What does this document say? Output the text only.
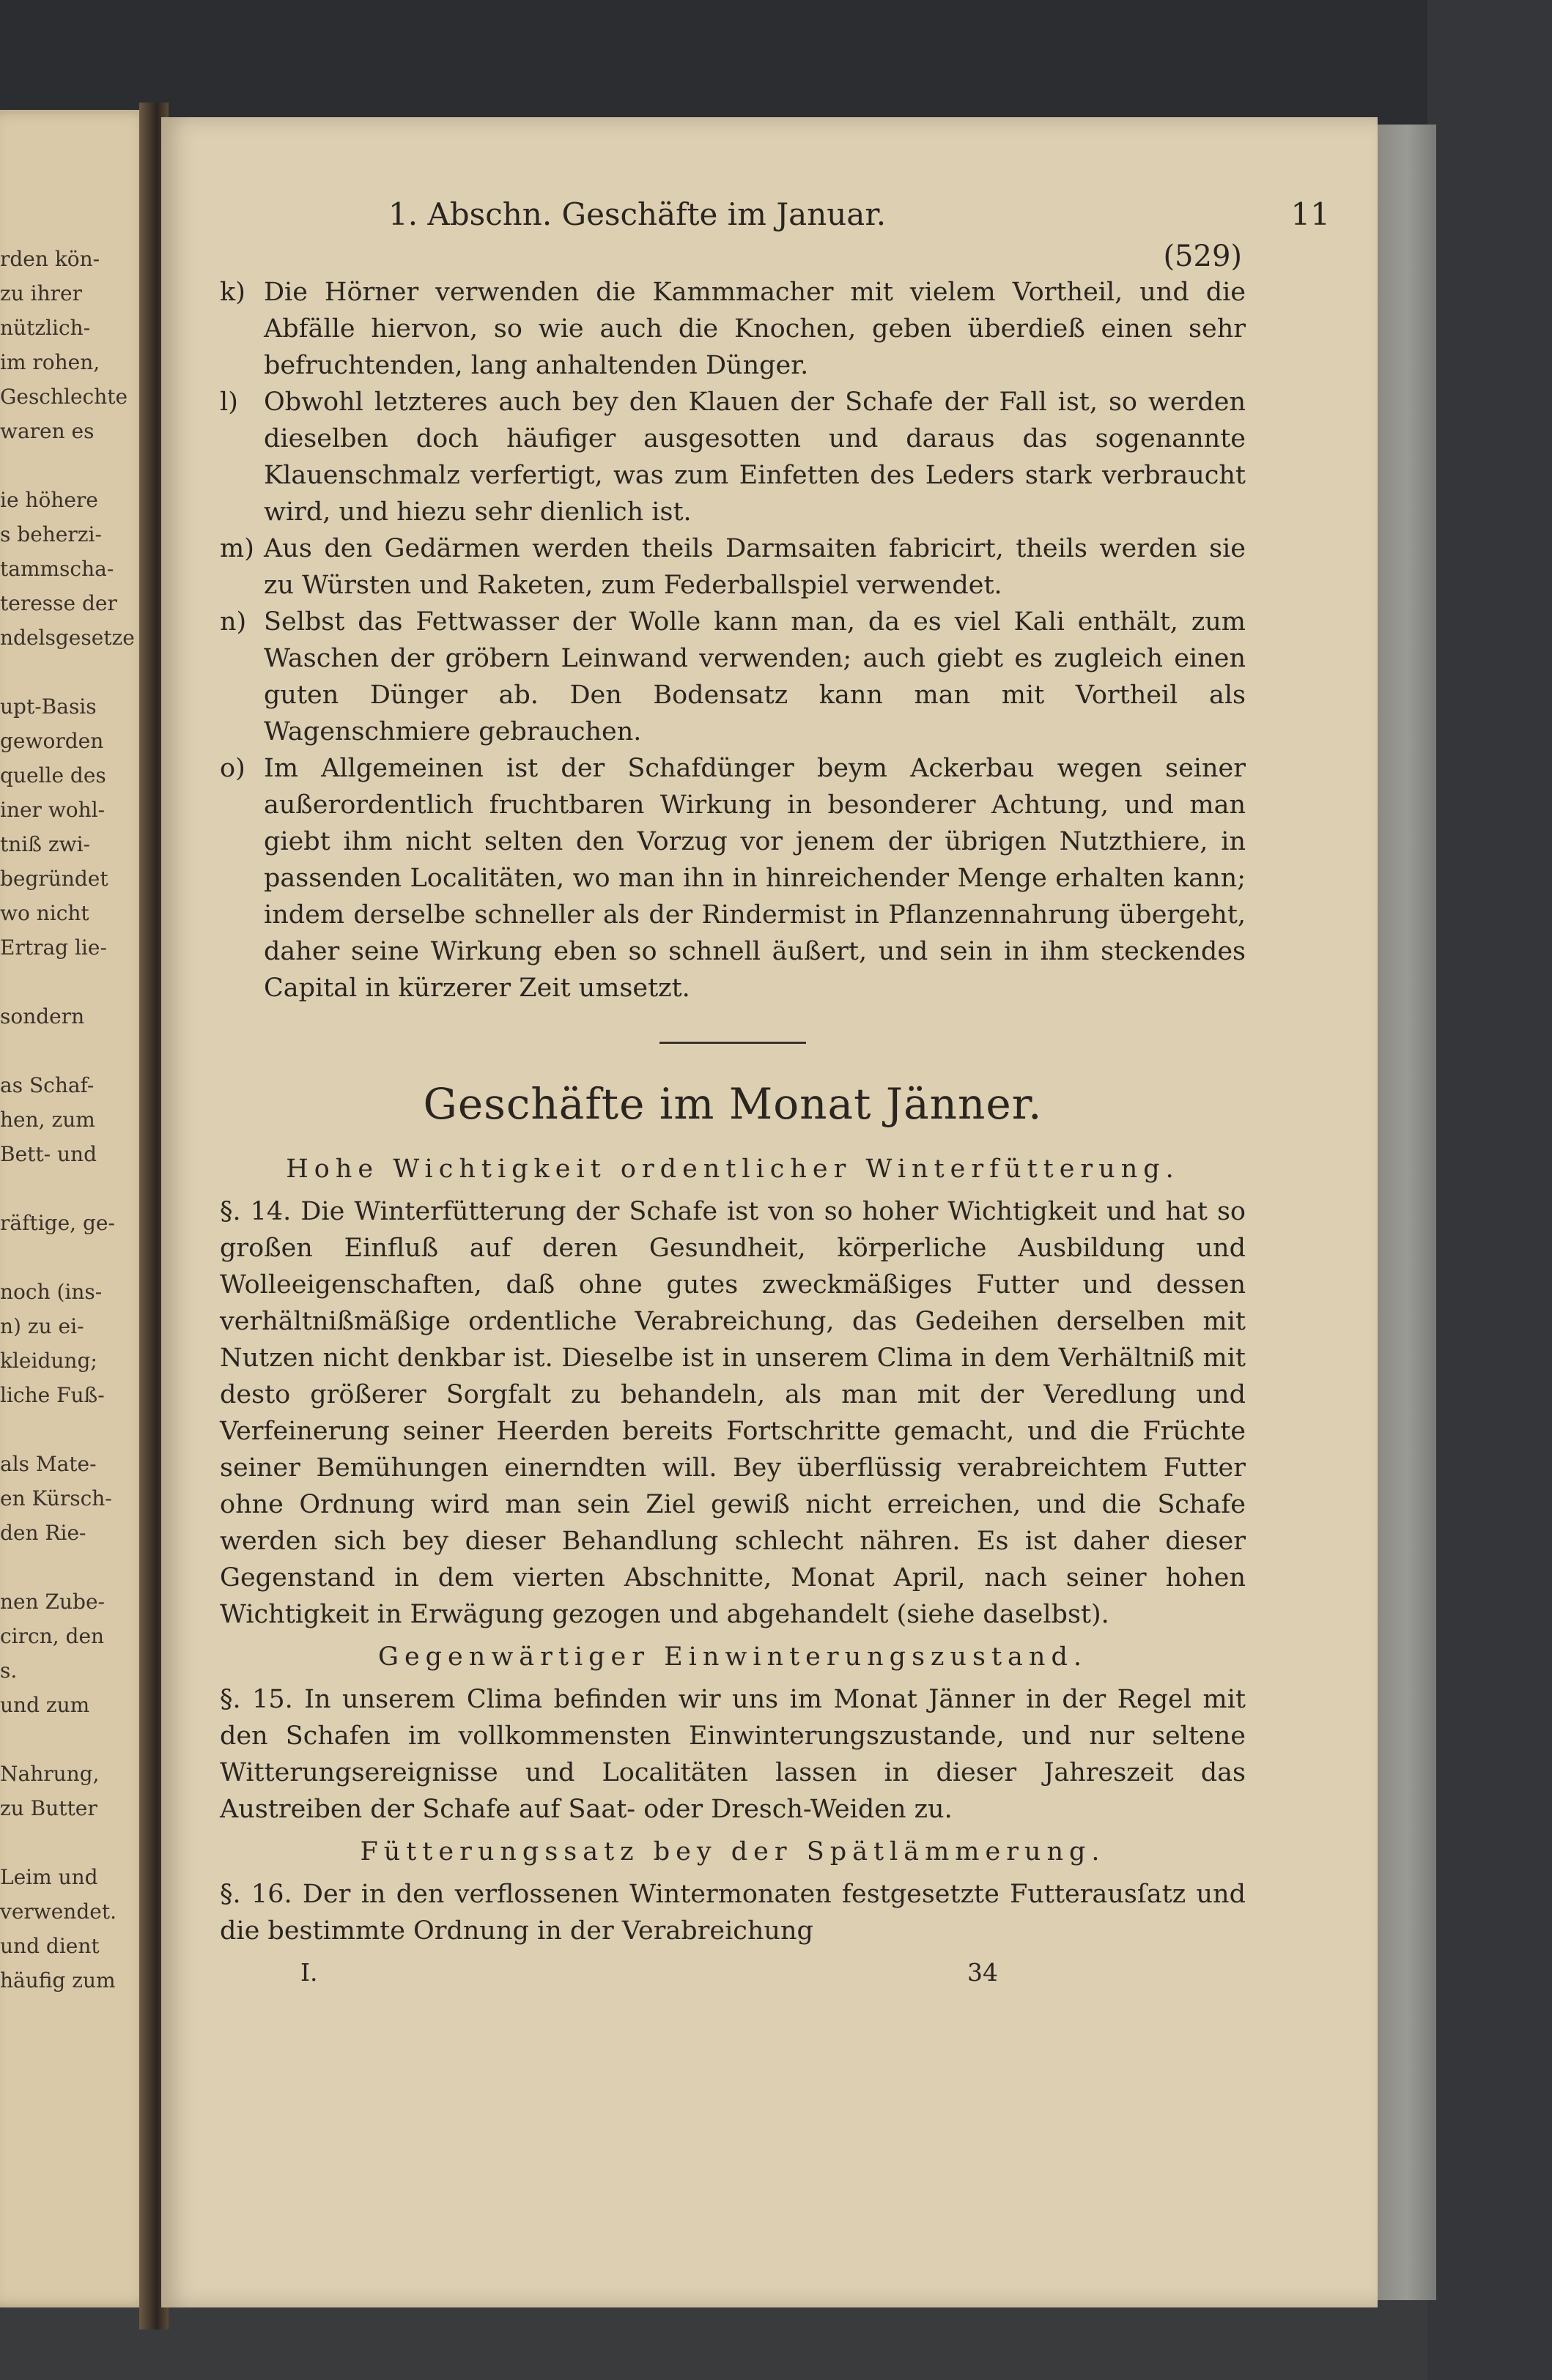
rden kön-
zu ihrer
nützlich-
im rohen,
Geschlechte
waren es

ie höhere
s beherzi-
tammscha-
teresse der
ndelsgesetze

upt-Basis
geworden
quelle des
iner wohl-
tniß zwi-
begründet
wo nicht
Ertrag lie-

sondern

as Schaf-
hen, zum
Bett- und

räftige, ge-

noch (ins-
n) zu ei-
kleidung;
liche Fuß-

als Mate-
en Kürsch-
den Rie-

nen Zube-
circn, den
s.
und zum

Nahrung,
zu Butter

Leim und
verwendet.
und dient
häufig zum
1. Abschn. Geschäfte im Januar.	11
(529)
k) Die Hörner verwenden die Kammmacher mit vielem Vortheil, und die Abfälle hiervon, so wie auch die Knochen, geben überdieß einen sehr befruchtenden, lang anhaltenden Dünger.
l)	Obwohl letzteres auch bey den Klauen der Schafe der Fall ist, so werden dieselben doch häufiger ausgesotten und daraus das sogenannte Klauenschmalz verfertigt, was zum Einfetten des Leders stark verbraucht wird, und hiezu sehr dienlich ist.
m) Aus den Gedärmen werden theils Darmsaiten fabricirt, theils werden sie zu Würsten und Raketen, zum Federballspiel verwendet.
n) Selbst das Fettwasser der Wolle kann man, da es viel Kali enthält, zum Waschen der gröbern Leinwand verwenden; auch giebt es zugleich einen guten Dünger ab. Den Bodensatz kann man mit Vortheil als Wagenschmiere gebrauchen.
o) Im Allgemeinen ist der Schafdünger beym Ackerbau wegen seiner außerordentlich fruchtbaren Wirkung in besonderer Achtung, und man giebt ihm nicht selten den Vorzug vor jenem der übrigen Nutzthiere, in passenden Localitäten, wo man ihn in hinreichender Menge erhalten kann; indem derselbe schneller als der Rindermist in Pflanzennahrung übergeht, daher seine Wirkung eben so schnell äußert, und sein in ihm steckendes Capital in kürzerer Zeit umsetzt.
Geschäfte im Monat Jänner.
Hohe Wichtigkeit ordentlicher Winterfütterung.
§. 14. Die Winterfütterung der Schafe ist von so hoher Wichtigkeit und hat so großen Einfluß auf deren Gesundheit, körperliche Ausbildung und Wolleeigenschaften, daß ohne gutes zweckmäßiges Futter und dessen verhältnißmäßige ordentliche Verabreichung, das Gedeihen derselben mit Nutzen nicht denkbar ist. Dieselbe ist in unserem Clima in dem Verhältniß mit desto größerer Sorgfalt zu behandeln, als man mit der Veredlung und Verfeinerung seiner Heerden bereits Fortschritte gemacht, und die Früchte seiner Bemühungen einerndten will. Bey überflüssig verabreichtem Futter ohne Ordnung wird man sein Ziel gewiß nicht erreichen, und die Schafe werden sich bey dieser Behandlung schlecht nähren. Es ist daher dieser Gegenstand in dem vierten Abschnitte, Monat April, nach seiner hohen Wichtigkeit in Erwägung gezogen und abgehandelt (siehe daselbst).
Gegenwärtiger Einwinterungszustand.
§. 15. In unserem Clima befinden wir uns im Monat Jänner in der Regel mit den Schafen im vollkommensten Einwinterungszustande, und nur seltene Witterungsereignisse und Localitäten lassen in dieser Jahreszeit das Austreiben der Schafe auf Saat- oder Dresch-Weiden zu.
Fütterungssatz bey der Spätlämmerung.
§. 16. Der in den verflossenen Wintermonaten festgesetzte Futterausſatz und die bestimmte Ordnung in der Verabreichung
I.	34
